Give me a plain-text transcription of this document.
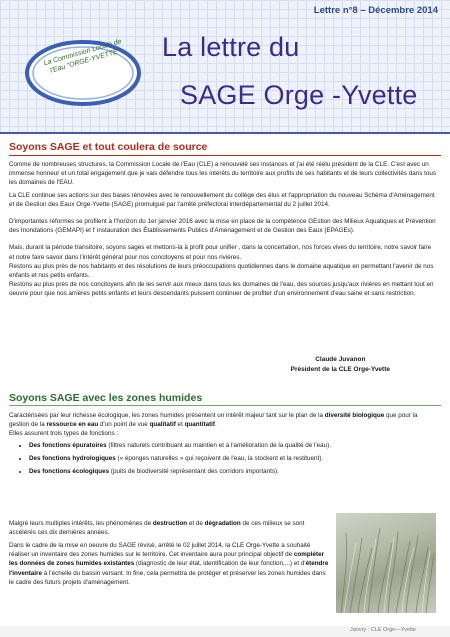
Lettre n°8 – Décembre 2014
La Commission Locale de l'Eau "ORGE-YVETTE"	La lettre du
SAGE Orge -Yvette
Soyons SAGE et tout coulera de source

Comme de nombreuses structures, la Commission Locale de l'Eau (CLE) a renouvelé ses instances et j'ai été réélu président de la CLE. C'est avec un immense honneur et un total engagement que je vais défendre tous les intérêts du territoire aux profits de ses habitants et de leurs collectivités dans tous les domaines de l'EAU.

La CLE continue ses actions sur des bases rénovées avec le renouvellement du collège des élus et l'appropriation du nouveau Schéma d'Aménagement et de Gestion des Eaux Orge-Yvette (SAGE) promulgué par l'arrêté préfectoral interdépartemental du 2 juillet 2014.

D'importantes réformes se profilent à l'horizon du 1er janvier 2016 avec la mise en place de la compétence GEstion des Milieux Aquatiques et Prévention des Inondations (GEMAPI) et l' instauration des Établissements Publics d'Aménagement et de Gestion des Eaux (EPAGEs).

Mais, durant la période transitoire, soyons sages et mettons-la à profit pour unifier , dans la concertation, nos forces vives du territoire, notre savoir faire et notre faire savoir dans l'intérêt général pour nos concitoyens et pour nos rivières.

Restons au plus près de nos habitants et des résolutions de leurs préoccupations quotidiennes dans le domaine aquatique en permettant l'avenir de nos enfants et nos petits enfants.

Restons au plus près de nos concitoyens afin de les servir aux mieux dans tous les domaines de l'eau, des sources jusqu'aux rivières en mettant tout en oeuvre pour que nos arrières petits enfants et leurs descendants puissent continuer de profiter d'un environnement d'eau saine et sans restriction.

Claude Juvanon
Président de la CLE Orge-Yvette
Soyons SAGE avec les zones humides
Caractérisées par leur richesse écologique, les zones humides présentent un intérêt majeur tant sur le plan de la diversité biologique que pour la gestion de la ressource en eau d'un point de vue qualitatif et quantitatif.
Elles assurent trois types de fonctions :
• Des fonctions épuratoires (filtres naturels contribuant au maintien et à l'amélioration de la qualité de l'eau).
• Des fonctions hydrologiques (« éponges naturelles » qui reçoivent de l'eau, la stockent et la restituent).
• Des fonctions écologiques (puits de biodiversité représentant des corridors importants).
Malgré leurs multiples intérêts, les phénomènes de destruction et de dégradation de ces milieux se sont accélérés ces dix dernières années.
Dans le cadre de la mise en oeuvre du SAGE révisé, arrêté le 02 juillet 2014, la CLE Orge-Yvette a souhaité réaliser un inventaire des zones humides sur le territoire. Cet inventaire aura pour principal objectif de compléter les données de zones humides existantes (diagnostic de leur état, identification de leur fonction,...) et d'étendre l'inventaire à l'échelle du bassin versant. In fine, cela permettra de protéger et préserver les zones humides dans le cadre des futurs projets d'aménagement.
Janvry : CLE Orge—Yvette
